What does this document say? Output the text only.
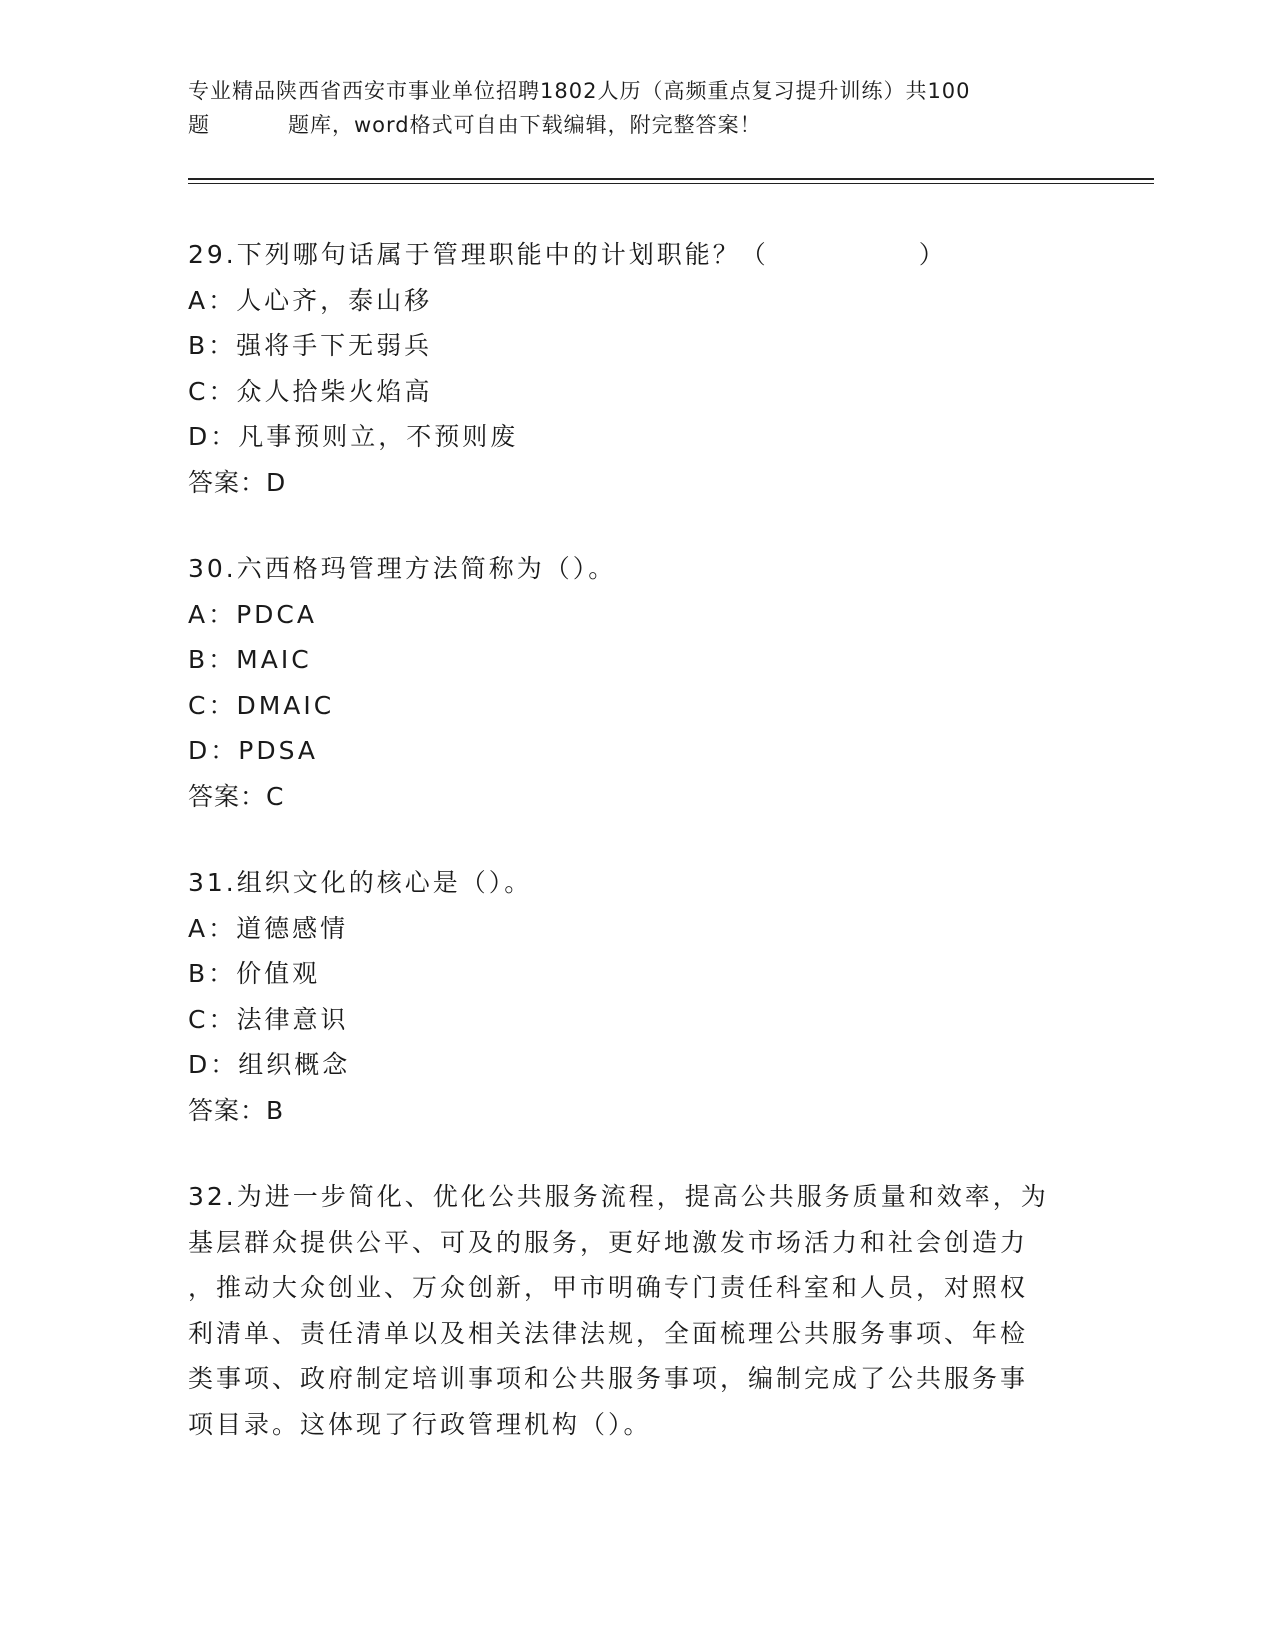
专业精品陕西省西安市事业单位招聘1802人历（高频重点复习提升训练）共100
题	题库，word格式可自由下载编辑，附完整答案！
29.下列哪句话属于管理职能中的计划职能？（	）
A：人心齐，泰山移
B：强将手下无弱兵
C：众人拾柴火焰高
D：凡事预则立，不预则废
答案：D
30.六西格玛管理方法简称为（）。
A：PDCA
B：MAIC
C：DMAIC
D：PDSA
答案：C
31.组织文化的核心是（）。
A：道德感情
B：价值观
C：法律意识
D：组织概念
答案：B
32.为进一步简化、优化公共服务流程，提高公共服务质量和效率，为
基层群众提供公平、可及的服务，更好地激发市场活力和社会创造力
，推动大众创业、万众创新，甲市明确专门责任科室和人员，对照权
利清单、责任清单以及相关法律法规，全面梳理公共服务事项、年检
类事项、政府制定培训事项和公共服务事项，编制完成了公共服务事
项目录。这体现了行政管理机构（）。
